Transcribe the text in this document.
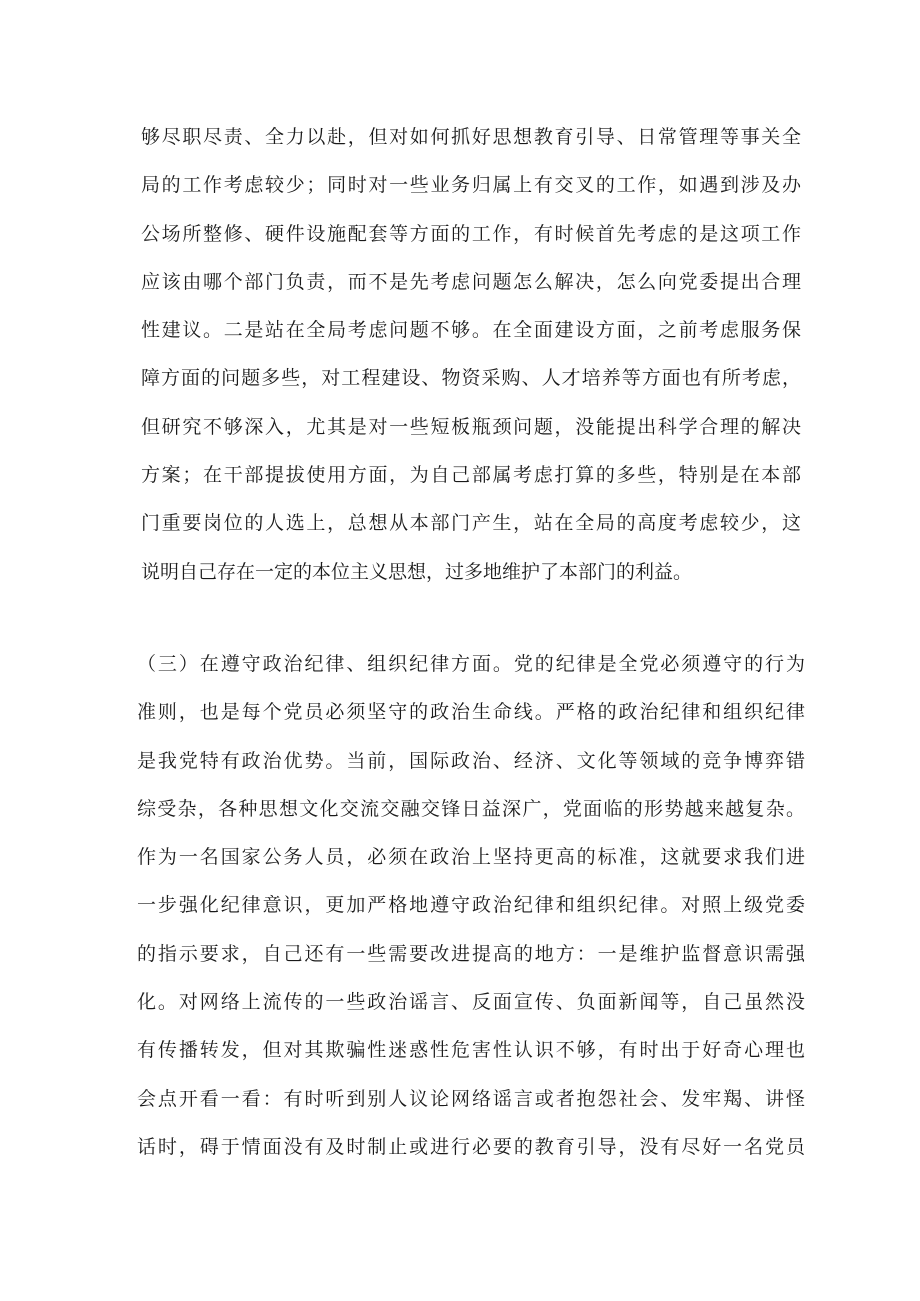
够尽职尽责、全力以赴，但对如何抓好思想教育引导、日常管理等事关全
局的工作考虑较少；同时对一些业务归属上有交叉的工作，如遇到涉及办
公场所整修、硬件设施配套等方面的工作，有时候首先考虑的是这项工作
应该由哪个部门负责，而不是先考虑问题怎么解决，怎么向党委提出合理
性建议。二是站在全局考虑问题不够。在全面建设方面，之前考虑服务保
障方面的问题多些，对工程建设、物资采购、人才培养等方面也有所考虑，
但研究不够深入，尤其是对一些短板瓶颈问题，没能提出科学合理的解决
方案；在干部提拔使用方面，为自己部属考虑打算的多些，特别是在本部
门重要岗位的人选上，总想从本部门产生，站在全局的高度考虑较少，这
说明自己存在一定的本位主义思想，过多地维护了本部门的利益。
（三）在遵守政治纪律、组织纪律方面。党的纪律是全党必须遵守的行为
准则，也是每个党员必须坚守的政治生命线。严格的政治纪律和组织纪律
是我党特有政治优势。当前，国际政治、经济、文化等领域的竞争博弈错
综受杂，各种思想文化交流交融交锋日益深广，党面临的形势越来越复杂。
作为一名国家公务人员，必须在政治上坚持更高的标准，这就要求我们进
一步强化纪律意识，更加严格地遵守政治纪律和组织纪律。对照上级党委
的指示要求，自己还有一些需要改进提高的地方：一是维护监督意识需强
化。对网络上流传的一些政治谣言、反面宣传、负面新闻等，自己虽然没
有传播转发，但对其欺骗性迷惑性危害性认识不够，有时出于好奇心理也
会点开看一看：有时听到别人议论网络谣言或者抱怨社会、发牢羯、讲怪
话时，碍于情面没有及时制止或进行必要的教育引导，没有尽好一名党员
